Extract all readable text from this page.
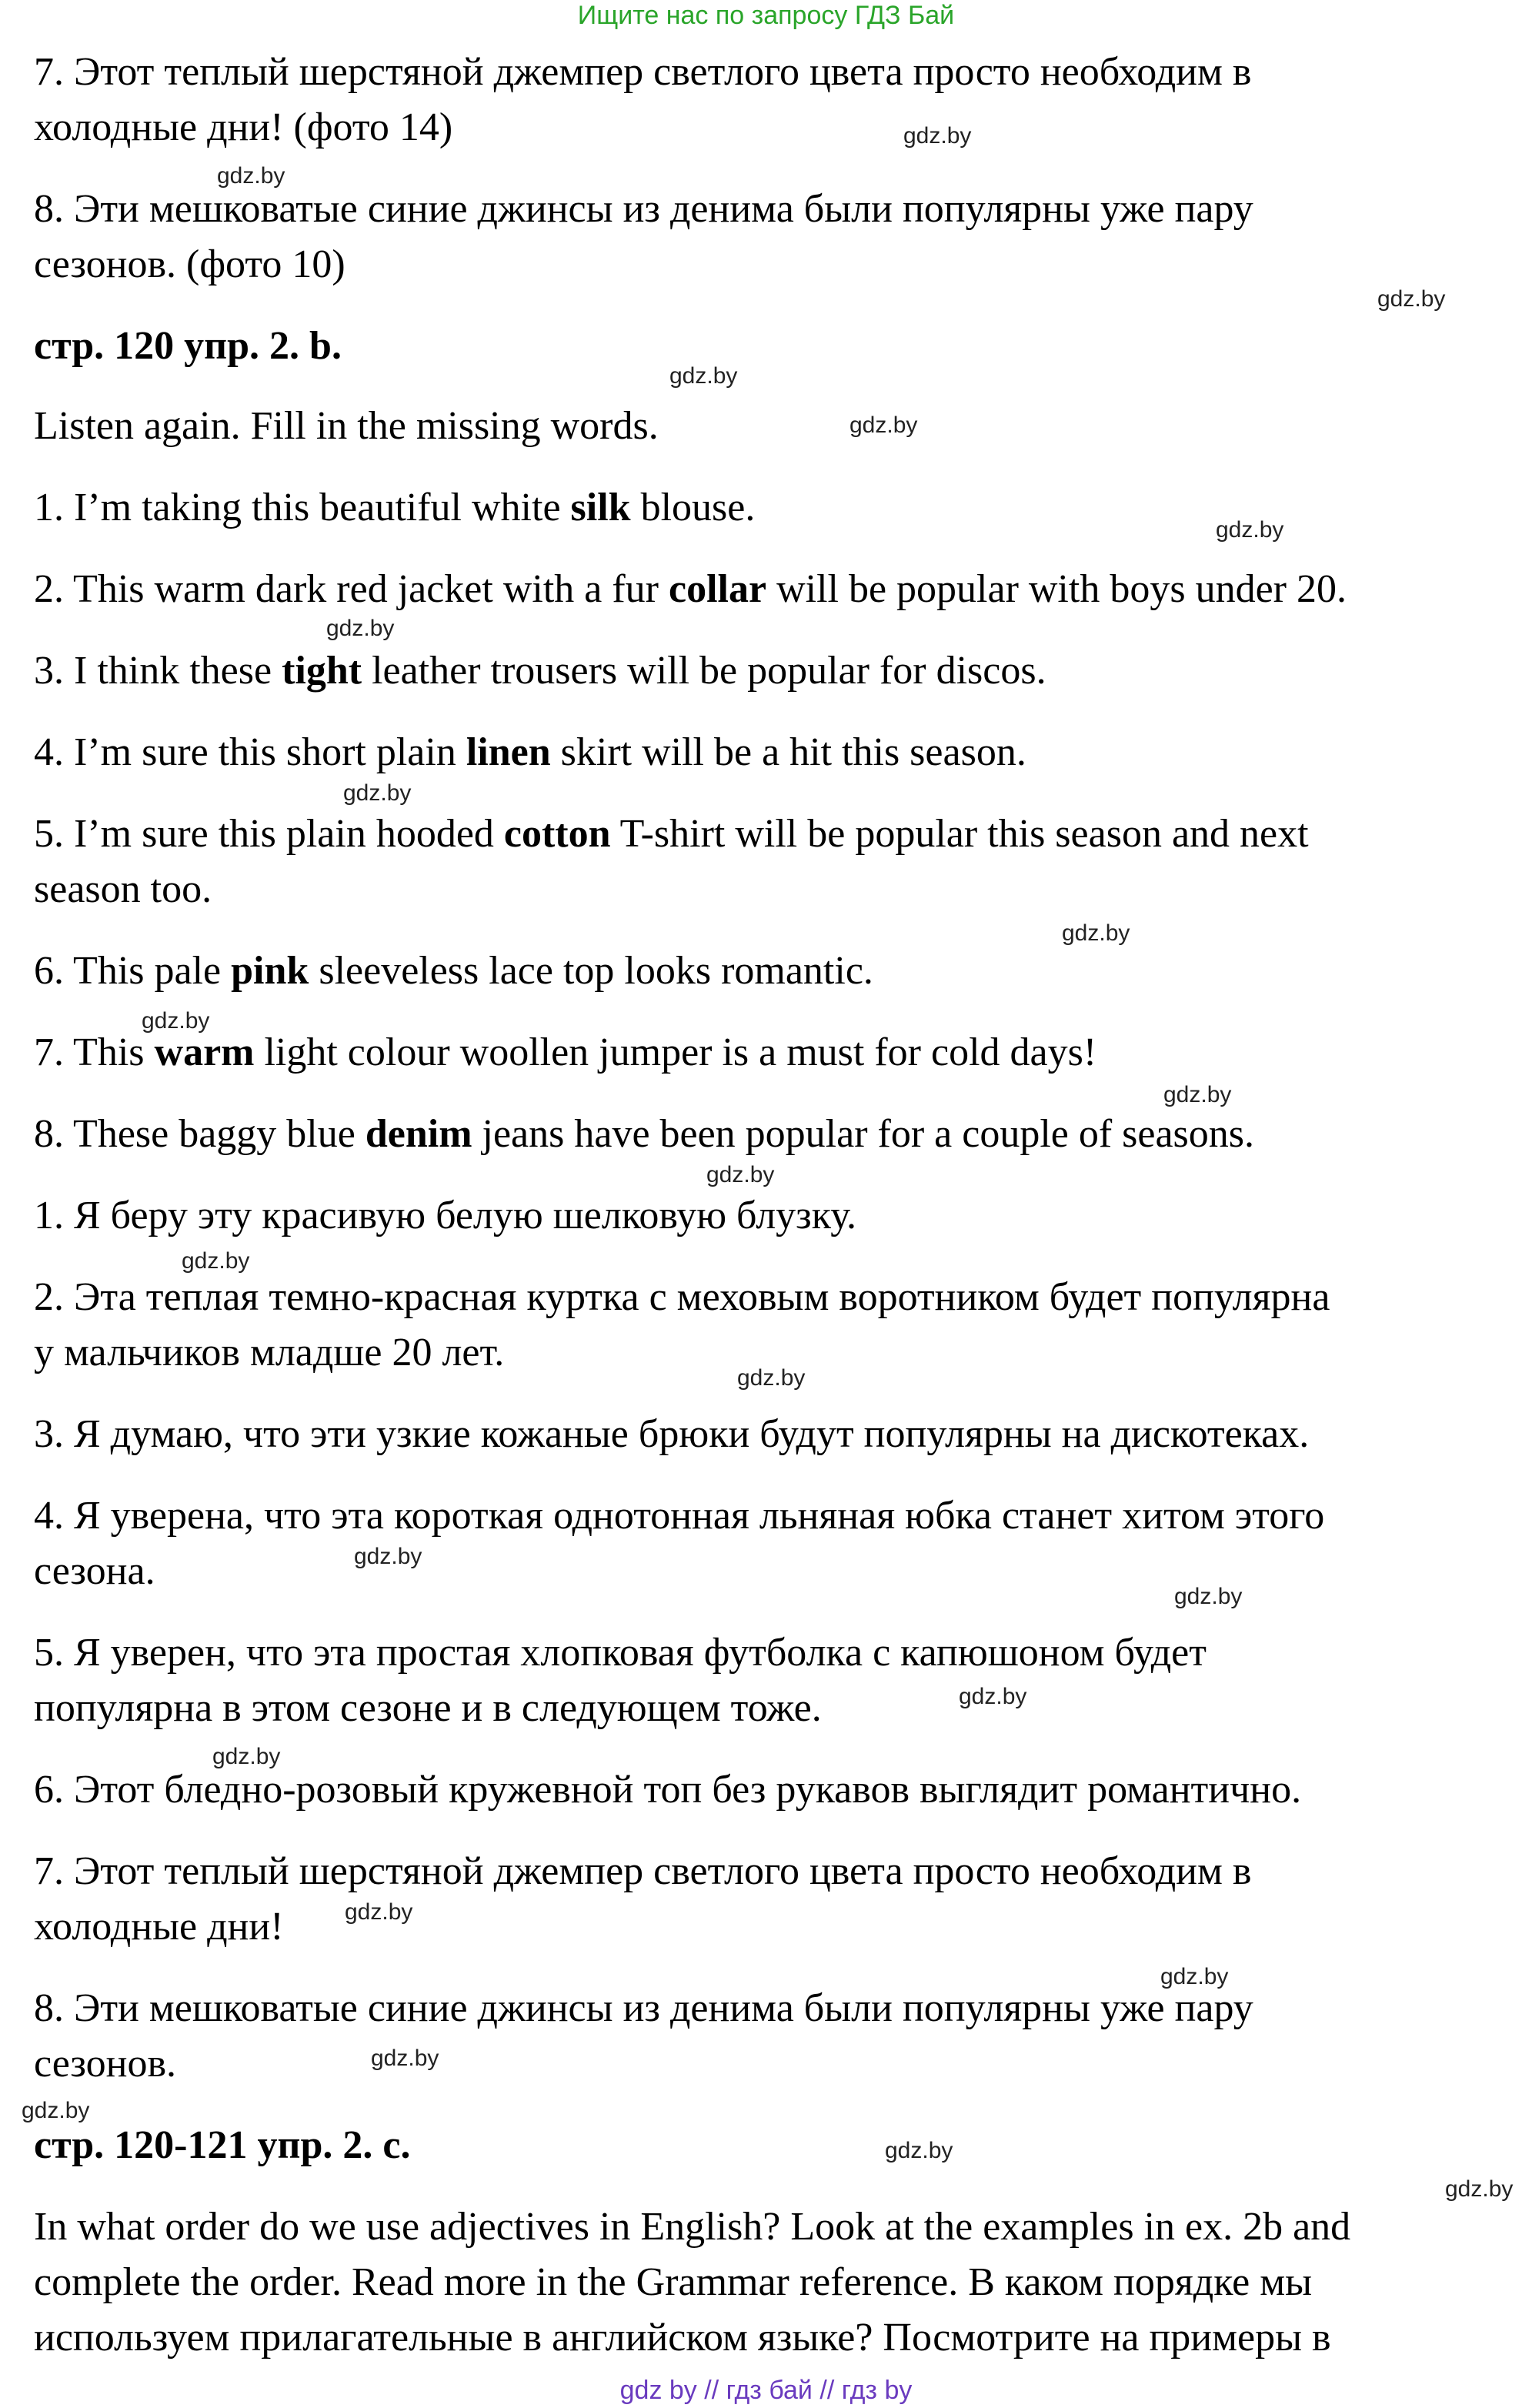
Ищите нас по запросу ГДЗ Бай
7. Этот теплый шерстяной джемпер светлого цвета просто необходим в
холодные дни! (фото 14)
8. Эти мешковатые синие джинсы из денима были популярны уже пару
сезонов. (фото 10)
стр. 120 упр. 2. b.
Listen again. Fill in the missing words.
1. I’m taking this beautiful white silk blouse.
2. This warm dark red jacket with a fur collar will be popular with boys under 20.
3. I think these tight leather trousers will be popular for discos.
4. I’m sure this short plain linen skirt will be a hit this season.
5. I’m sure this plain hooded cotton T-shirt will be popular this season and next
season too.
6. This pale pink sleeveless lace top looks romantic.
7. This warm light colour woollen jumper is a must for cold days!
8. These baggy blue denim jeans have been popular for a couple of seasons.
1. Я беру эту красивую белую шелковую блузку.
2. Эта теплая темно-красная куртка с меховым воротником будет популярна
у мальчиков младше 20 лет.
3. Я думаю, что эти узкие кожаные брюки будут популярны на дискотеках.
4. Я уверена, что эта короткая однотонная льняная юбка станет хитом этого
сезона.
5. Я уверен, что эта простая хлопковая футболка с капюшоном будет
популярна в этом сезоне и в следующем тоже.
6. Этот бледно-розовый кружевной топ без рукавов выглядит романтично.
7. Этот теплый шерстяной джемпер светлого цвета просто необходим в
холодные дни!
8. Эти мешковатые синие джинсы из денима были популярны уже пару
сезонов.
стр. 120-121 упр. 2. c.
In what order do we use adjectives in English? Look at the examples in ex. 2b and
complete the order. Read more in the Grammar reference. В каком порядке мы
используем прилагательные в английском языке? Посмотрите на примеры в
gdz.by
gdz.by
gdz.by
gdz.by
gdz.by
gdz.by
gdz.by
gdz.by
gdz.by
gdz.by
gdz.by
gdz.by
gdz.by
gdz.by
gdz.by
gdz.by
gdz.by
gdz.by
gdz.by
gdz.by
gdz.by
gdz.by
gdz.by
gdz.by
gdz by // гдз бай // гдз by
